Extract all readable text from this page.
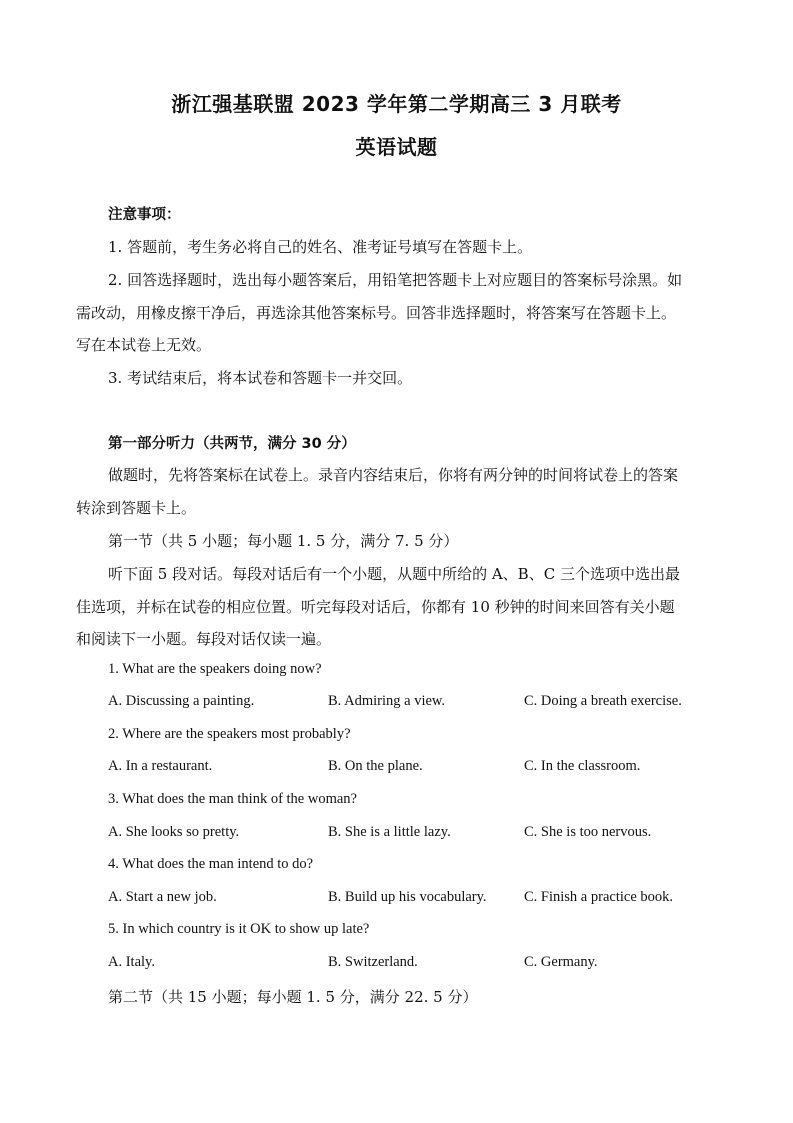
浙江强基联盟 2023 学年第二学期高三 3 月联考
英语试题
注意事项：
1. 答题前，考生务必将自己的姓名、准考证号填写在答题卡上。
2. 回答选择题时，选出每小题答案后，用铅笔把答题卡上对应题目的答案标号涂黑。如
需改动，用橡皮擦干净后，再选涂其他答案标号。回答非选择题时，将答案写在答题卡上。
写在本试卷上无效。
3. 考试结束后，将本试卷和答题卡一并交回。
第一部分听力（共两节，满分 30 分）
做题时，先将答案标在试卷上。录音内容结束后，你将有两分钟的时间将试卷上的答案
转涂到答题卡上。
第一节（共 5 小题；每小题 1. 5 分，满分 7. 5 分）
听下面 5 段对话。每段对话后有一个小题，从题中所给的 A、B、C 三个选项中选出最
佳选项，并标在试卷的相应位置。听完每段对话后，你都有 10 秒钟的时间来回答有关小题
和阅读下一小题。每段对话仅读一遍。
1. What are the speakers doing now?
A. Discussing a painting.	B. Admiring a view.	C. Doing a breath exercise.
2. Where are the speakers most probably?
A. In a restaurant.	B. On the plane.	C. In the classroom.
3. What does the man think of the woman?
A. She looks so pretty.	B. She is a little lazy.	C. She is too nervous.
4. What does the man intend to do?
A. Start a new job.	B. Build up his vocabulary.	C. Finish a practice book.
5. In which country is it OK to show up late?
A. Italy.	B. Switzerland.	C. Germany.
第二节（共 15 小题；每小题 1. 5 分，满分 22. 5 分）
